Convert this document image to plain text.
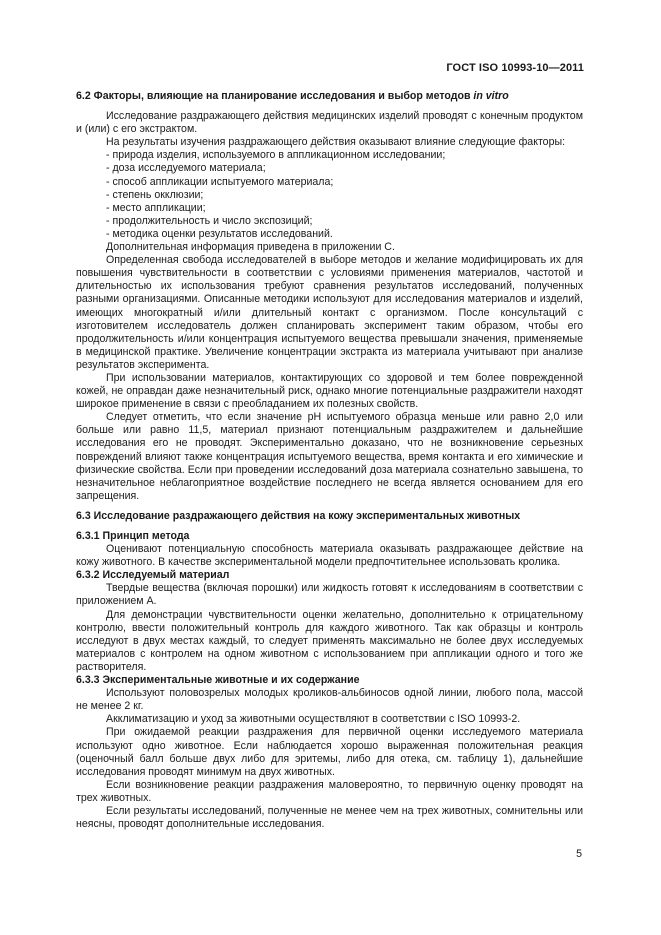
ГОСТ ISO 10993-10—2011

6.2 Факторы, влияющие на планирование исследования и выбор методов in vitro

Исследование раздражающего действия медицинских изделий проводят с конечным продуктом и (или) с его экстрактом.

На результаты изучения раздражающего действия оказывают влияние следующие факторы:

- природа изделия, используемого в аппликационном исследовании;

- доза исследуемого материала;

- способ аппликации испытуемого материала;

- степень окклюзии;

- место аппликации;

- продолжительность и число экспозиций;

- методика оценки результатов исследований.

Дополнительная информация приведена в приложении С.

Определенная свобода исследователей в выборе методов и желание модифицировать их для повышения чувствительности в соответствии с условиями применения материалов, частотой и длительностью их использования требуют сравнения результатов исследований, полученных разными организациями. Описанные методики используют для исследования материалов и изделий, имеющих многократный и/или длительный контакт с организмом. После консультаций с изготовителем исследователь должен спланировать эксперимент таким образом, чтобы его продолжительность и/или концентрация испытуемого вещества превышали значения, применяемые в медицинской практике. Увеличение концентрации экстракта из материала учитывают при анализе результатов эксперимента.

При использовании материалов, контактирующих со здоровой и тем более поврежденной кожей, не оправдан даже незначительный риск, однако многие потенциальные раздражители находят широкое применение в связи с преобладанием их полезных свойств.

Следует отметить, что если значение pH испытуемого образца меньше или равно 2,0 или больше или равно 11,5, материал признают потенциальным раздражителем и дальнейшие исследования его не проводят. Экспериментально доказано, что не возникновение серьезных повреждений влияют также концентрация испытуемого вещества, время контакта и его химические и физические свойства. Если при проведении исследований доза материала сознательно завышена, то незначительное неблагоприятное воздействие последнего не всегда является основанием для его запрещения.

6.3 Исследование раздражающего действия на кожу экспериментальных животных

6.3.1 Принцип метода

Оценивают потенциальную способность материала оказывать раздражающее действие на кожу животного. В качестве экспериментальной модели предпочтительнее использовать кролика.

6.3.2 Исследуемый материал

Твердые вещества (включая порошки) или жидкость готовят к исследованиям в соответствии с приложением А.

Для демонстрации чувствительности оценки желательно, дополнительно к отрицательному контролю, ввести положительный контроль для каждого животного. Так как образцы и контроль исследуют в двух местах каждый, то следует применять максимально не более двух исследуемых материалов с контролем на одном животном с использованием при аппликации одного и того же растворителя.

6.3.3 Экспериментальные животные и их содержание

Используют половозрелых молодых кроликов-альбиносов одной линии, любого пола, массой не менее 2 кг.

Акклиматизацию и уход за животными осуществляют в соответствии с ISO 10993-2.

При ожидаемой реакции раздражения для первичной оценки исследуемого материала используют одно животное. Если наблюдается хорошо выраженная положительная реакция (оценочный балл больше двух либо для эритемы, либо для отека, см. таблицу 1), дальнейшие исследования проводят минимум на двух животных.

Если возникновение реакции раздражения маловероятно, то первичную оценку проводят на трех животных.

Если результаты исследований, полученные не менее чем на трех животных, сомнительны или неясны, проводят дополнительные исследования.

5
